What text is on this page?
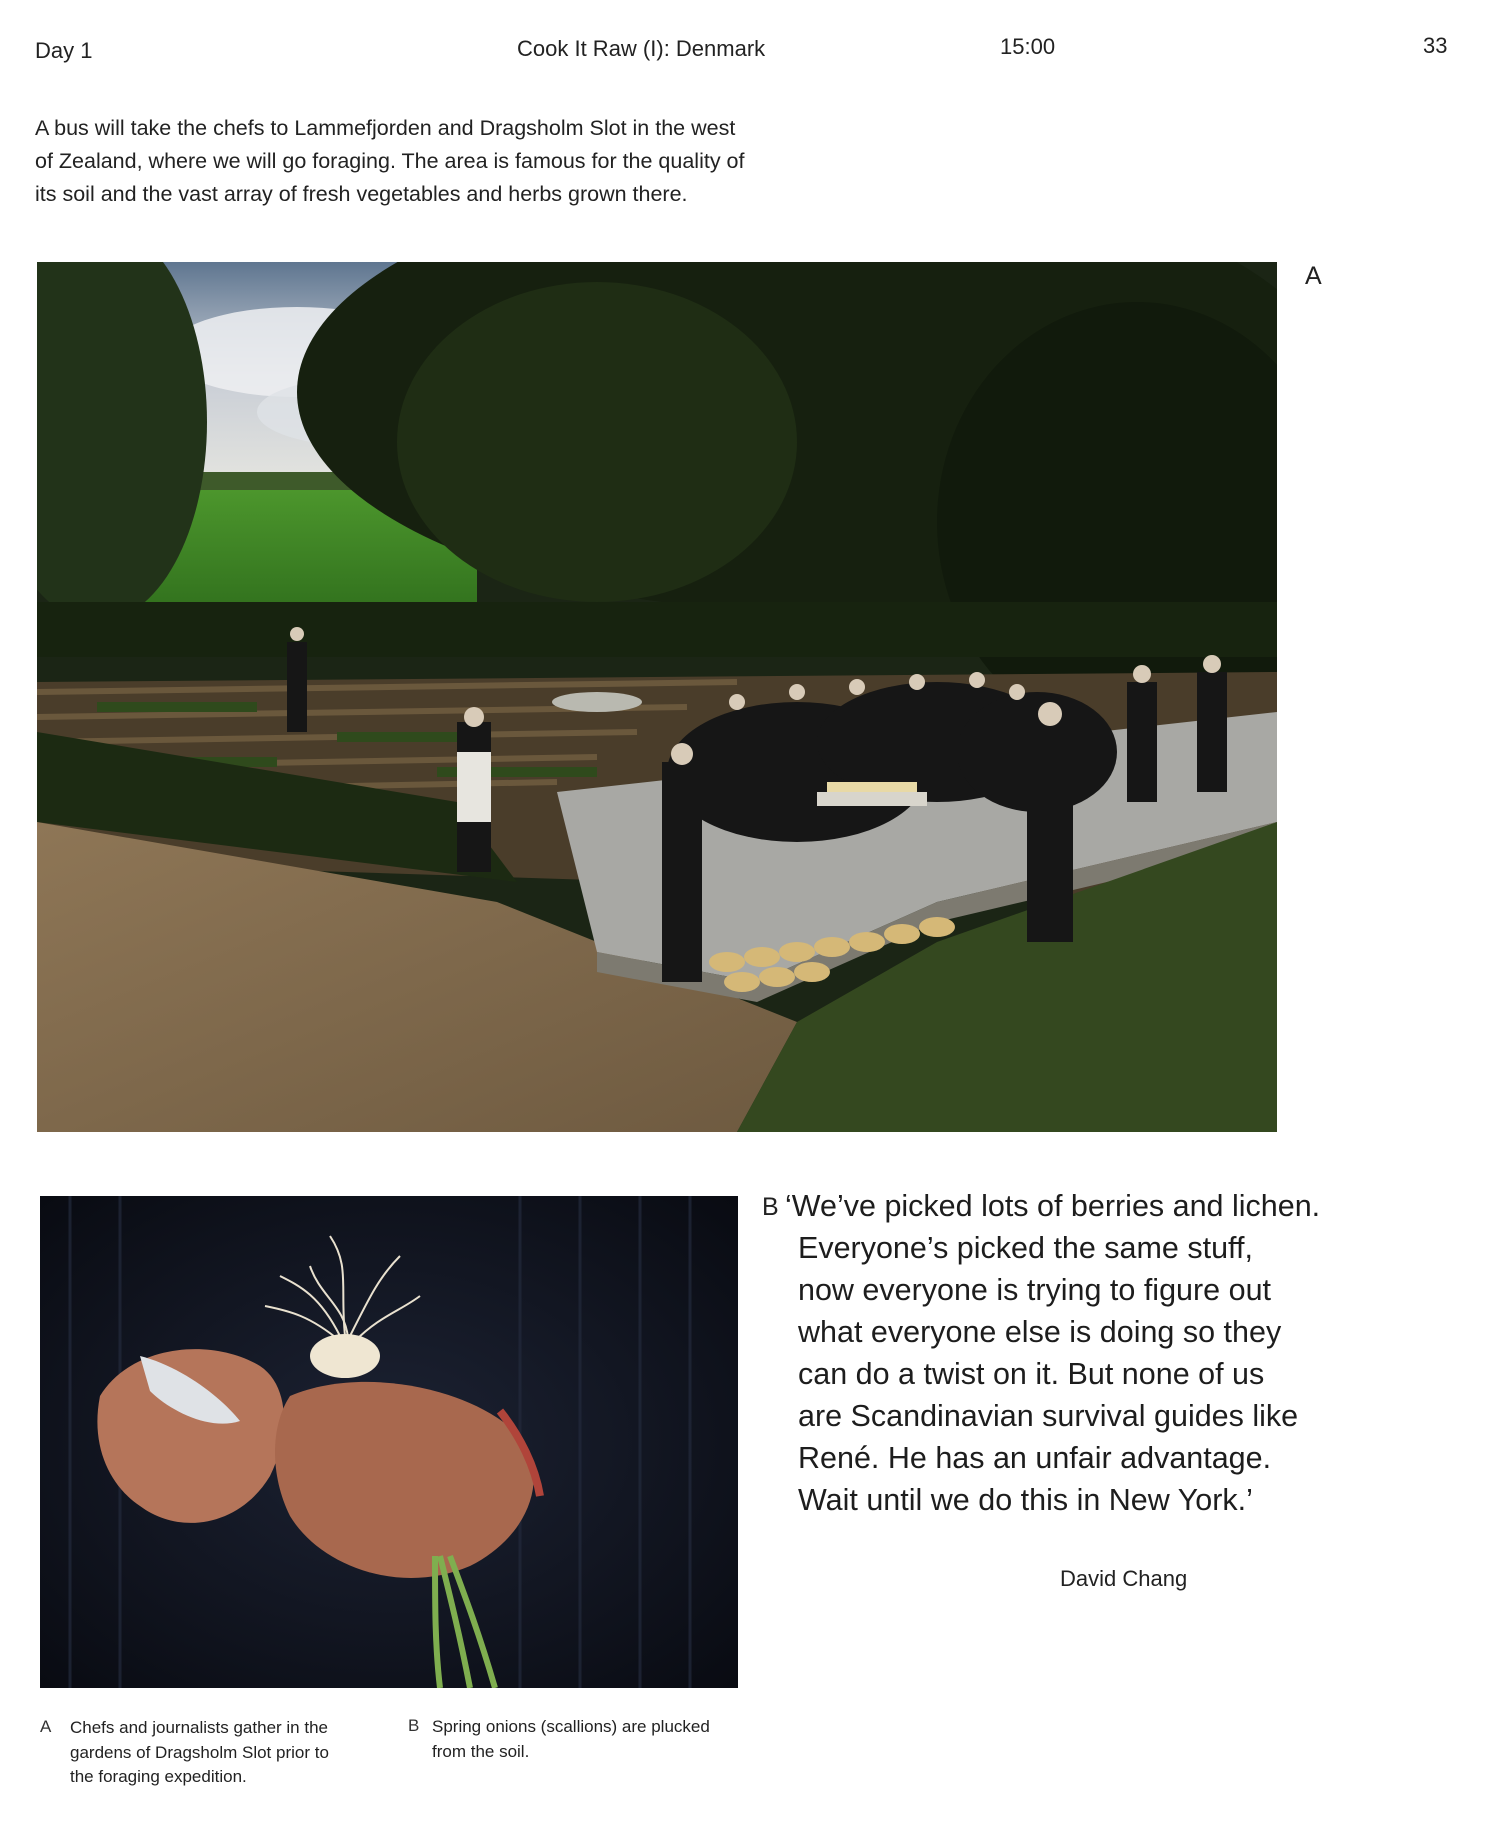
Day 1	Cook It Raw (I): Denmark	15:00	33
A bus will take the chefs to Lammefjorden and Dragsholm Slot in the west
of Zealand, where we will go foraging. The area is famous for the quality of
its soil and the vast array of fresh vegetables and herbs grown there.
A
B ‘We’ve picked lots of berries and lichen.
Everyone’s picked the same stuff,
now everyone is trying to figure out
what everyone else is doing so they
can do a twist on it. But none of us
are Scandinavian survival guides like
René. He has an unfair advantage.
Wait until we do this in New York.’
David Chang
A Chefs and journalists gather in the
gardens of Dragsholm Slot prior to
the foraging expedition.
B Spring onions (scallions) are plucked
from the soil.
